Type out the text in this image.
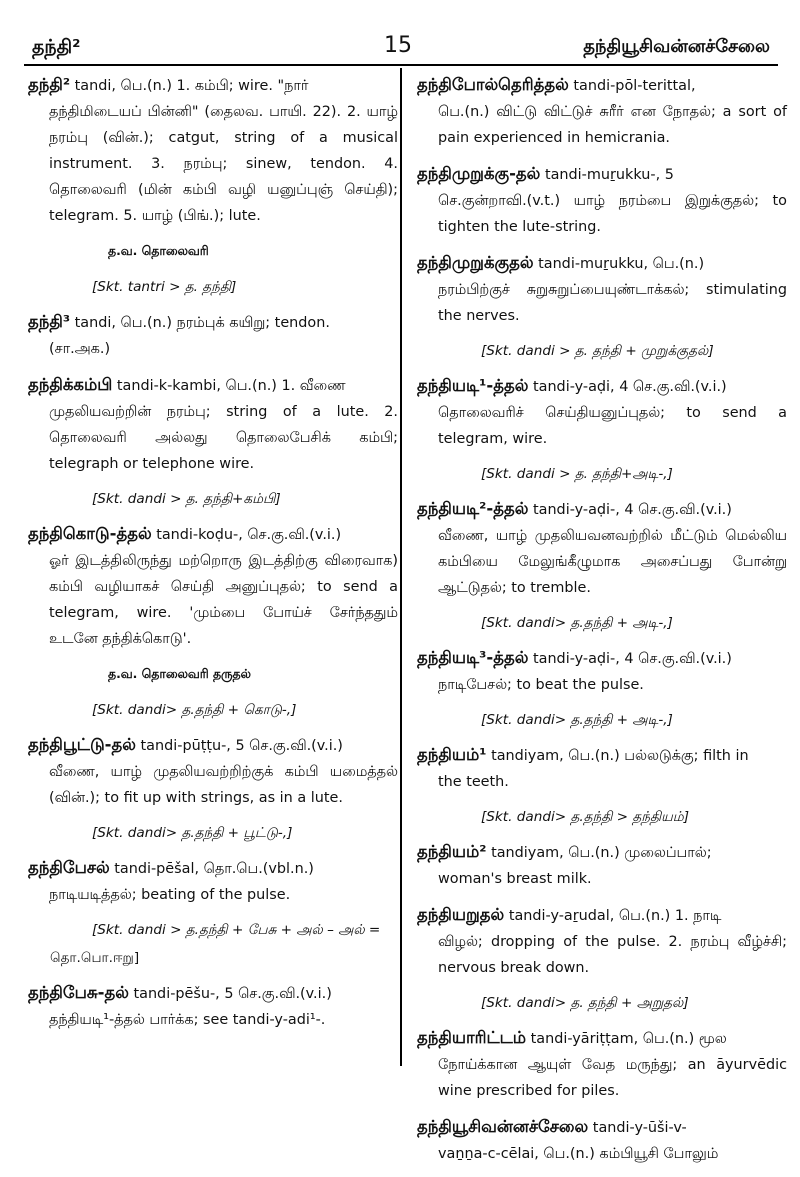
தந்தி²	15	தந்தியூசிவன்னச்சேலை
தந்தி² tandi, பெ.(n.) 1. கம்பி; wire. "நார்
தந்திமிடையப் பின்னி" (தைலவ. பாயி. 22). 2. யாழ் நரம்பு (வின்.); catgut, string of a musical instrument. 3. நரம்பு; sinew, tendon. 4. தொலைவரி (மின் கம்பி வழி யனுப்புஞ் செய்தி); telegram. 5. யாழ் (பிங்.); lute.
த.வ. தொலைவரி
[Skt. tantri > த. தந்தி]
தந்தி³ tandi, பெ.(n.) நரம்புக் கயிறு; tendon.
(சா.அக.)
தந்திக்கம்பி tandi-k-kambi, பெ.(n.) 1. வீணை
முதலியவற்றின் நரம்பு; string of a lute. 2. தொலைவரி அல்லது தொலைபேசிக் கம்பி; telegraph or telephone wire.
[Skt. dandi > த. தந்தி+கம்பி]
தந்திகொடு-த்தல் tandi-koḍu-, செ.கு.வி.(v.i.)
ஓர் இடத்திலிருந்து மற்றொரு இடத்திற்கு விரைவாக) கம்பி வழியாகச் செய்தி அனுப்புதல்; to send a telegram, wire. 'மும்பை போய்ச் சேர்ந்ததும் உடனே தந்திக்கொடு'.
த.வ. தொலைவரி தருதல்
[Skt. dandi> த.தந்தி + கொடு-,]
தந்திபூட்டு-தல் tandi-pūṭṭu-, 5 செ.கு.வி.(v.i.)
வீணை, யாழ் முதலியவற்றிற்குக் கம்பி யமைத்தல் (வின்.); to fit up with strings, as in a lute.
[Skt. dandi> த.தந்தி + பூட்டு-,]
தந்திபேசல் tandi-pēšal, தொ.பெ.(vbl.n.)
நாடியடித்தல்; beating of the pulse.
[Skt. dandi > த.தந்தி + பேசு + அல் – அல் =
தொ.பொ.ஈறு]
தந்திபேசு-தல் tandi-pēšu-, 5 செ.கு.வி.(v.i.)
தந்தியடி¹-த்தல் பார்க்க; see tandi-y-adi¹-.
தந்திபோல்தெரித்தல் tandi-pōl-terittal,
பெ.(n.) விட்டு விட்டுச் சுரீர் என நோதல்; a sort of pain experienced in hemicrania.
தந்திமுறுக்கு-தல் tandi-muṟukku-, 5
செ.குன்றாவி.(v.t.) யாழ் நரம்பை இறுக்குதல்; to tighten the lute-string.
தந்திமுறுக்குதல் tandi-muṟukku, பெ.(n.)
நரம்பிற்குச் சுறுசுறுப்பையுண்டாக்கல்; stimulating the nerves.
[Skt. dandi > த. தந்தி + முறுக்குதல்]
தந்தியடி¹-த்தல் tandi-y-aḍi, 4 செ.கு.வி.(v.i.)
தொலைவரிச் செய்தியனுப்புதல்; to send a telegram, wire.
[Skt. dandi > த. தந்தி+அடி-,]
தந்தியடி²-த்தல் tandi-y-aḍi-, 4 செ.கு.வி.(v.i.)
வீணை, யாழ் முதலியவனவற்றில் மீட்டும் மெல்லிய கம்பியை மேலுங்கீழுமாக அசைப்பது போன்று ஆட்டுதல்; to tremble.
[Skt. dandi> த.தந்தி + அடி-,]
தந்தியடி³-த்தல் tandi-y-aḍi-, 4 செ.கு.வி.(v.i.)
நாடிபேசல்; to beat the pulse.
[Skt. dandi> த.தந்தி + அடி-,]
தந்தியம்¹ tandiyam, பெ.(n.) பல்லடுக்கு; filth in
the teeth.
[Skt. dandi> த.தந்தி > தந்தியம்]
தந்தியம்² tandiyam, பெ.(n.) முலைப்பால்;
woman's breast milk.
தந்தியறுதல் tandi-y-aṟudal, பெ.(n.) 1. நாடி
விழல்; dropping of the pulse. 2. நரம்பு வீழ்ச்சி; nervous break down.
[Skt. dandi> த. தந்தி + அறுதல்]
தந்தியாரிட்டம் tandi-yāriṭṭam, பெ.(n.) மூல
நோய்க்கான ஆயுள் வேத மருந்து; an āyurvēdic wine prescribed for piles.
தந்தியூசிவன்னச்சேலை tandi-y-ūši-v-
vaṉṉa-c-cēlai, பெ.(n.) கம்பியூசி போலும்
